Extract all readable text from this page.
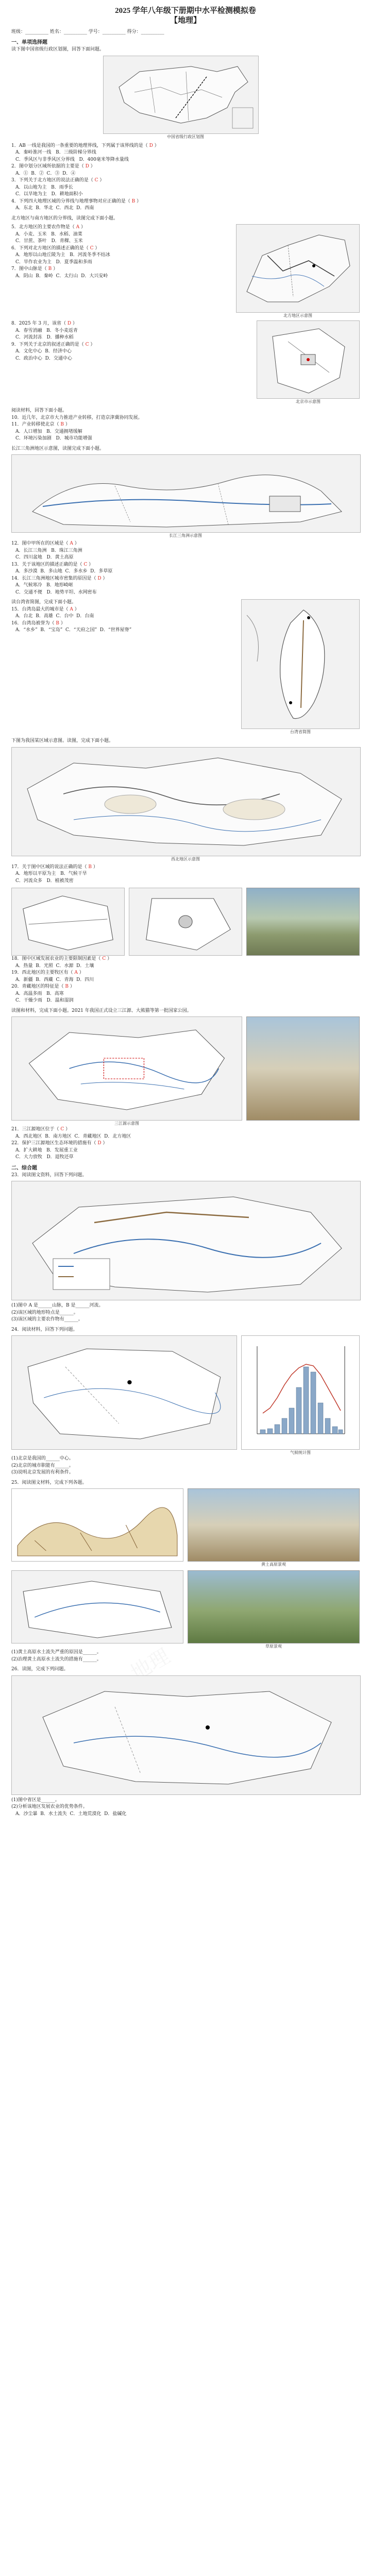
2025 学年八年级下册期中水平检测模拟卷
【地理】
班级：__________ 姓名：__________ 学号：__________ 得分：__________
一、单项选择题
读下图中国省级行政区划图，回答下面问题。
中国省级行政区划图
1．AB 一线是我国的一条重要的地理界线，下列属于该界线的是（ D ）
A．秦岭淮河一线   B．三级阶梯分界线
C．季风区与非季风区分界线   D．400毫米等降水量线
2．图中划分区域所依据的主要是（ D ）
A．①  B．②  C．③  D．④
3．下列关于北方地区的说法正确的是（ C ）
A．以山地为主   B．雨季长
C．以旱地为主   D．耕地面积小
4．下列四大地理区域的分界线与地理事物对应正确的是（ B ）
A．东北  B．华北  C．西北  D．西南
北方地区与南方地区的分界线，读图完成下面小题。
5．北方地区的主要农作物是（ A ）
A．小麦、玉米   B．水稻、油菜
C．甘蔗、茶叶   D．青稞、玉米
6．下列对北方地区的描述正确的是（ C ）
A．地形以山地丘陵为主   B．河流冬季不结冰
C．旱作农业为主   D．夏季温和多雨
7．图中山脉是（ B ）
A．阴山  B．秦岭  C．太行山  D．大兴安岭
北方地区示意图
8．2025 年 3 月，该省（ D ）
A．春雪消融   B．冬小麦返青
C．河流封冻   D．播种水稻
9．下列关于北京的叙述正确的是（ C ）
A．文化中心  B．经济中心
C．政治中心  D．交通中心
北京市示意图
阅读材料，回答下面小题。
10．近几年，北京市大力推进产业转移，打造京津冀协同发展。
11．产业转移使北京（ B ）
A．人口增加   B．交通拥堵缓解
C．环境污染加剧   D．城市功能增强
长江三角洲地区示意图，读图完成下面小题。
长江三角洲示意图
12．图中甲所在的区域是（ A ）
A．长江三角洲   B．珠江三角洲
C．四川盆地   D．黄土高原
13．关于该地区的描述正确的是（ C ）
A．多沙漠  B．多山地  C．多水乡  D．多草原
14．长江三角洲地区城市密集的原因是（ D ）
A．气候寒冷   B．地形崎岖
C．交通不便   D．地势平坦、水网密布
读台湾省简图，完成下面小题。
15．台湾岛最大的城市是（ A ）
A．台北  B．高雄  C．台中  D．台南
16．台湾岛被誉为（ B ）
A．“水乡”  B．“宝岛”  C．“天府之国”  D．“世界屋脊”
台湾省简图
下图为我国某区域示意图。读图，完成下面小题。
西北地区示意图
17．关于图中区域的说法正确的是（ B ）
A．地形以平原为主   B．气候干旱
C．河流众多   D．植被茂密
18．图中区域发展农业的主要限制因素是（ C ）
A．热量  B．光照  C．水源  D．土壤
19．西北地区的主要牧区有（ A ）
A．新疆  B．西藏  C．青海  D．四川
20．青藏地区的特征是（ B ）
A．高温多雨   B．高寒
C．干燥少雨   D．温和湿润
读图和材料，完成下面小题。2021 年我国正式设立三江源、大熊猫等第一批国家公园。
三江源示意图
21．三江源地区位于（ C ）
A．西北地区  B．南方地区  C．青藏地区  D．北方地区
22．保护三江源地区生态环境的措施有（ D ）
A．扩大耕地   B．发展重工业
C．大力放牧   D．退牧还草
二、综合题
23．阅读图文资料，回答下列问题。
(1)图中 A 是______山脉，B 是______河流。
(2)该区域的地形特点是______。
(3)该区域的主要农作物有______。
24．阅读材料，回答下列问题。
气候统计图
(1)北京是我国的______中心。
(2)北京的城市职能有______。
(3)说明北京发展的有利条件。
25．阅读图文材料，完成下列各题。
黄土高原景观
草原景观
(1)黄土高原水土流失严重的原因是______。
(2)治理黄土高原水土流失的措施有______。
26．读图，完成下列问题。
(1)图中省区是______。
(2)分析该地区发展农业的优势条件。
A．沙尘暴  B．水土流失  C．土地荒漠化  D．盐碱化
